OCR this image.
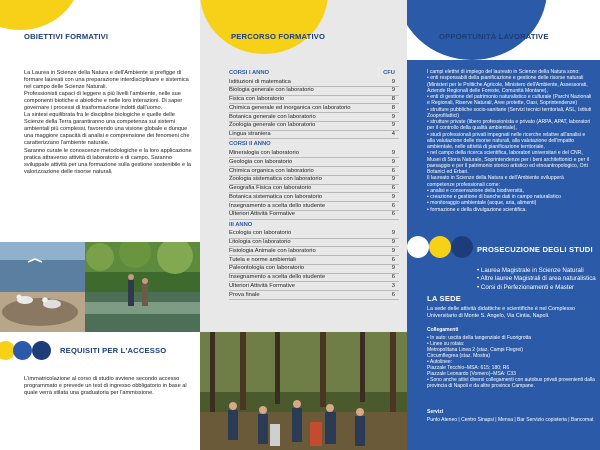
OBIETTIVI FORMATIVI

La Laurea in Scienze della Natura e dell'Ambiente si prefigge di formare laureati con una preparazione interdisciplinare e sistemica nel campo delle Scienze Naturali.

Professionisti capaci di leggere a più livelli l'ambiente, nelle sue componenti biotiche e abiotiche e nelle loro interazioni. Di saper governare i processi di trasformazione indotti dall'uomo.

La sintesi equilibrata fra le discipline biologiche e quelle delle Scienze della Terra garantiranno una competenza sui sistemi ambientali più complessi, favorendo una visione globale e dunque una maggiore capacità di analisi e comprensione dei fenomeni che caratterizzano l'ambiente naturale.

Saranno curate le conoscenze metodologiche e la loro applicazione pratica attraverso attività di laboratorio e di campo. Saranno sviluppate attività per una formazione sulla gestione sostenibile e la valorizzazione delle risorse naturali.

REQUISITI PER L'ACCESSO
L'immatricolazione al corso di studio avviene secondo accesso programmato e prevede un test di ingresso obbligatorio in base al quale verrà stilata una graduatoria per l'ammissione.
PERCORSO FORMATIVO
CORSI I ANNO	CFU
Istituzioni di matematica	9
Biologia generale con laboratorio	9
Fisica con laboratorio	8
Chimica generale ed inorganica con laboratorio	8
Botanica generale con laboratorio	9
Zoologia generale con laboratorio	9
Lingua straniera	4
CORSI II ANNO
Mineralogia con laboratorio	9
Geologia con laboratorio	9
Chimica organica con laboratorio	6
Zoologia sistematica con laboratorio	9
Geografia Fisica con laboratorio	6
Botanica sistematica con laboratorio	9
Insegnamento a scelta dello studente	6
Ulteriori Attività Formative	6
III ANNO
Ecologia con laboratorio	9
Litologia con laboratorio	9
Fisiologia Animale con laboratorio	9
Tutela e norme ambientali	6
Paleontologia con laboratorio	9
Insegnamento a scelta dello studente	6
Ulteriori Attività Formative	3
Prova finale	6
OPPORTUNITÀ LAVORATIVE

I campi elettivi di impiego del laureato in Scienze della Natura sono:

• enti responsabili della pianificazione e gestione delle risorse naturali (Ministeri per le Politiche Agricole, Ministero dell'Ambiente, Assessorati, Aziende Regionali delle Foreste, Comunità Montane),

• enti di gestione del patrimonio naturalistico e culturale (Parchi Nazionali e Regionali, Riserve Naturali, Aree protette, Oasi, Soprintendenze)

• strutture pubbliche socio-sanitarie (Servizi tecnici territoriali, ASL, Istituti Zooprofilattici)

• strutture private (libero professionista e privato (ARPA, APAT, laboratori per il controllo della qualità ambientale),

• studi professionali privati impegnati nelle ricerche relative all'analisi e alla valutazione delle risorse naturali, alla valutazione dell'impatto ambientale, nelle attività di pianificazione territoriale,

• nel campo della ricerca scientifica, laboratori universitari e del CNR, Musei di Storia Naturale, Soprintendenze per i beni architettonici e per il paesaggio e per il patrimonio storico artistico ed etnoantropologico, Orti Botanici ed Erbari.

Il laureato in Scienze della Natura e dell'Ambiente svilupperà competenze professionali come:

• analisi e conservazione della biodiversità,

• creazione e gestione di banche dati in campo naturalistico

• monitoraggio ambientale (acque, aria, alimenti)

• formazione e della divulgazione scientifica.

PROSECUZIONE DEGLI STUDI
• Laurea Magistrale in Scienze Naturali
• Altre lauree Magistrali di area naturalistica
• Corsi di Perfezionamenti e Master
LA SEDE
La sede delle attività didattiche e scientifiche è nel Complesso Universitario di Monte S. Angelo, Via Cintia, Napoli.
Collegamenti
• In auto: uscita della tangenziale di Fuorigrotta
• Linee su rotaia:
Metropolitana Linea 2 (staz. Campi Flegrei)
Circumflegrea (staz. Mostra)
• Autolinee:
Piazzale Tecchio–MSA: 615; 180; R6
Piazzale Leonardo (Vomero)–MSA: C33
• Sono anche attivi diversi collegamenti con autobus privati provenienti dalla provincia di Napoli e da altre province Campane.
Servizi
Punto Ateneo | Centro Sinapsi | Mensa | Bar Servizio copisteria | Bancomat
